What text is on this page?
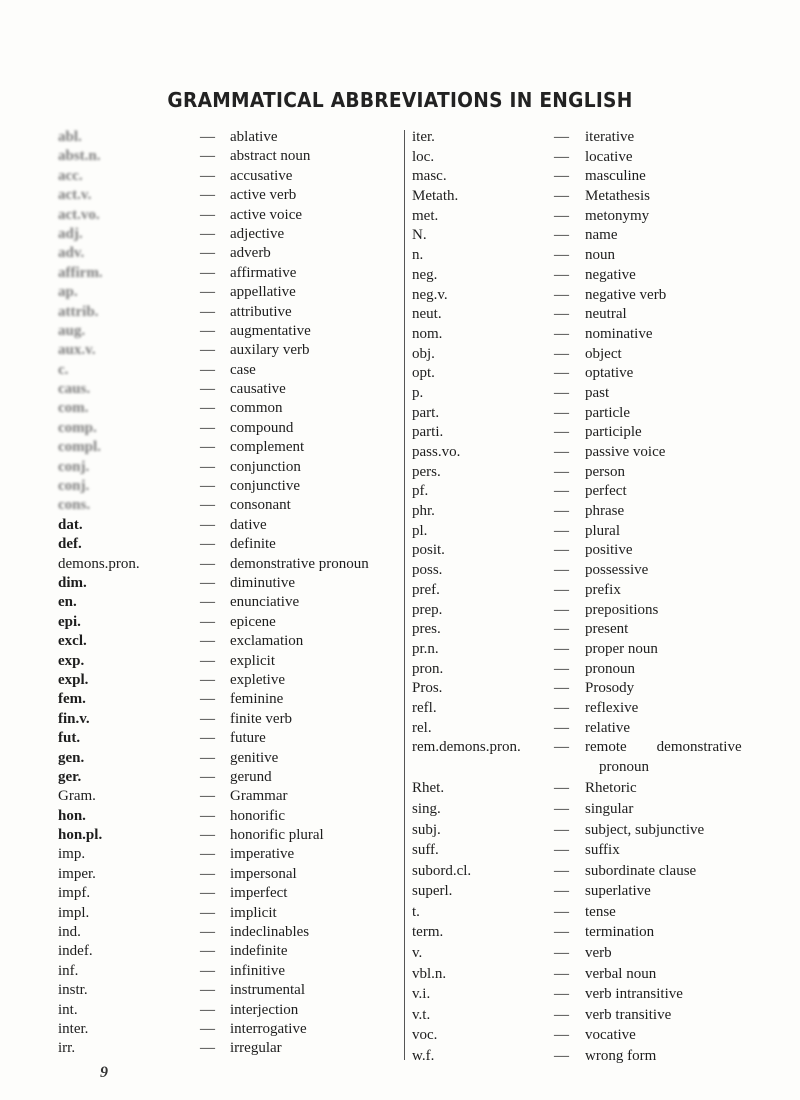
GRAMMATICAL ABBREVIATIONS IN ENGLISH
abl.	— ablative
abst.n.	— abstract noun
acc.	— accusative
act.v.	— active verb
act.vo.	— active voice
adj.	— adjective
adv.	— adverb
affirm.	— affirmative
ap.	— appellative
attrib.	— attributive
aug.	— augmentative
aux.v.	— auxilary verb
c.	— case
caus.	— causative
com.	— common
comp.	— compound
compl.	— complement
conj.	— conjunction
conj.	— conjunctive
cons.	— consonant
dat.	— dative
def.	— definite
demons.pron.	— demonstrative pronoun
dim.	— diminutive
en.	— enunciative
epi.	— epicene
excl.	— exclamation
exp.	— explicit
expl.	— expletive
fem.	— feminine
fin.v.	— finite verb
fut.	— future
gen.	— genitive
ger.	— gerund
Gram.	— Grammar
hon.	— honorific
hon.pl.	— honorific plural
imp.	— imperative
imper.	— impersonal
impf.	— imperfect
impl.	— implicit
ind.	— indeclinables
indef.	— indefinite
inf.	— infinitive
instr.	— instrumental
int.	— interjection
inter.	— interrogative
irr.	— irregular
iter.	— iterative
loc.	— locative
masc.	— masculine
Metath.	— Metathesis
met.	— metonymy
N.	— name
n.	— noun
neg.	— negative
neg.v.	— negative verb
neut.	— neutral
nom.	— nominative
obj.	— object
opt.	— optative
p.	— past
part.	— particle
parti.	— participle
pass.vo.	— passive voice
pers.	— person
pf.	— perfect
phr.	— phrase
pl.	— plural
posit.	— positive
poss.	— possessive
pref.	— prefix
prep.	— prepositions
pres.	— present
pr.n.	— proper noun
pron.	— pronoun
Pros.	— Prosody
refl.	— reflexive
rel.	— relative
rem.demons.pron. — remote demonstrative
pronoun
Rhet.	— Rhetoric
sing.	— singular
subj.	— subject, subjunctive
suff.	— suffix
subord.cl.	— subordinate clause
superl.	— superlative
t.	— tense
term.	— termination
v.	— verb
vbl.n.	— verbal noun
v.i.	— verb intransitive
v.t.	— verb transitive
voc.	— vocative
w.f.	— wrong form
9
